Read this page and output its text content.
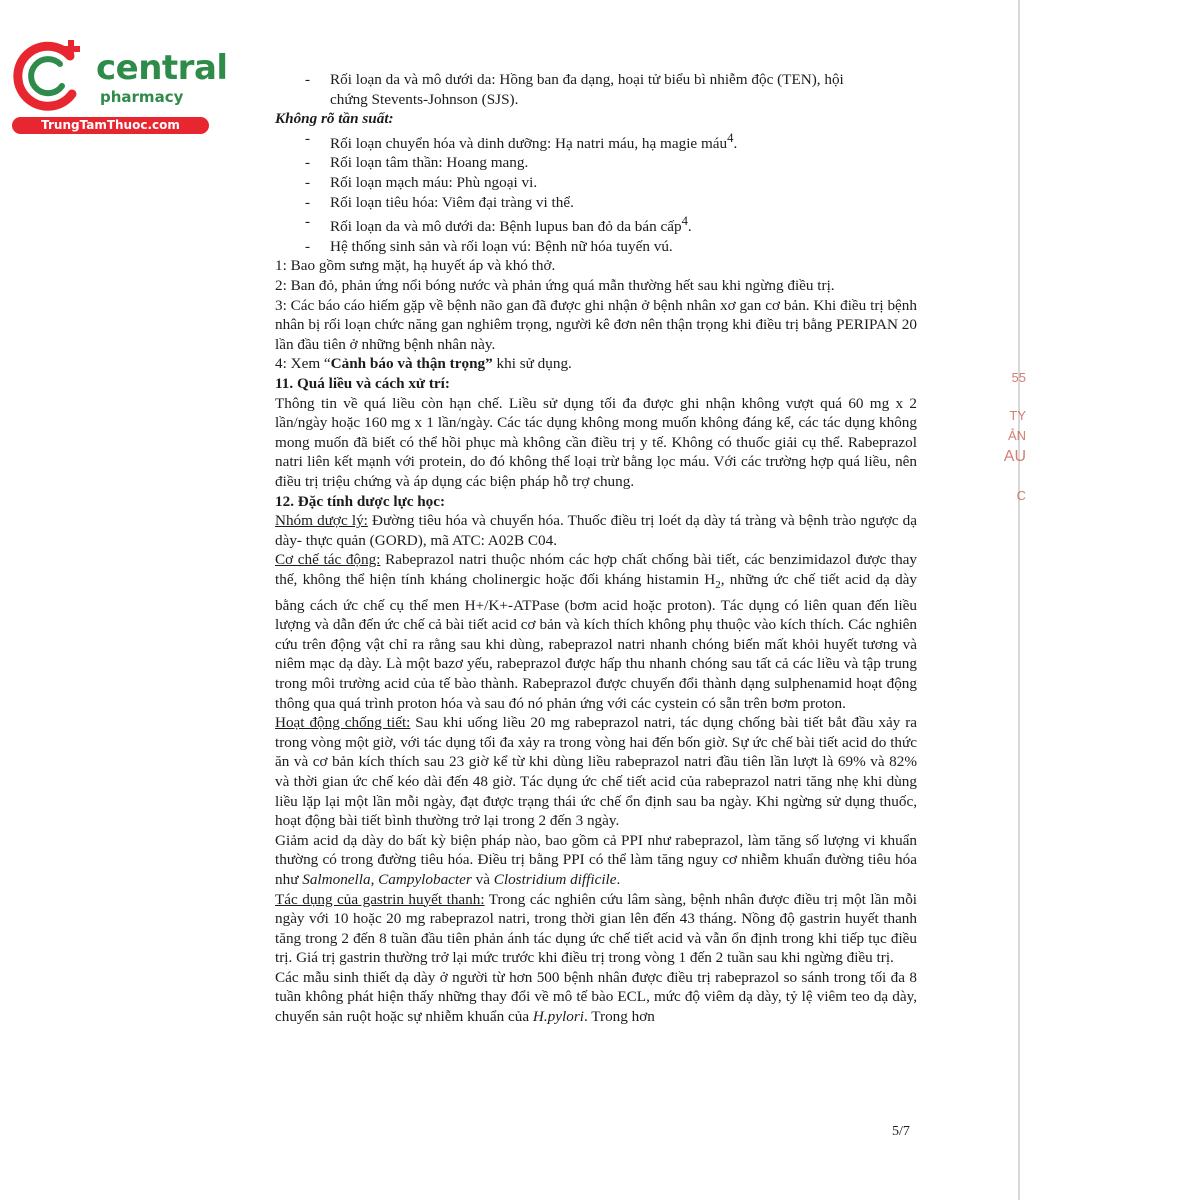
central
pharmacy
TrungTamThuoc.com
55
TY
ẢN
AU
C

- Rối loạn da và mô dưới da: Hồng ban đa dạng, hoại tử biểu bì nhiễm độc (TEN), hội
chứng Stevents-Johnson (SJS).

Không rõ tần suất:

- Rối loạn chuyển hóa và dinh dưỡng: Hạ natri máu, hạ magie máu$^4$.

- Rối loạn tâm thần: Hoang mang.

- Rối loạn mạch máu: Phù ngoại vi.

- Rối loạn tiêu hóa: Viêm đại tràng vi thể.

- Rối loạn da và mô dưới da: Bệnh lupus ban đỏ da bán cấp$^4$.

- Hệ thống sinh sản và rối loạn vú: Bệnh nữ hóa tuyến vú.

1: Bao gồm sưng mặt, hạ huyết áp và khó thở.

2: Ban đỏ, phản ứng nổi bóng nước và phản ứng quá mẫn thường hết sau khi ngừng điều trị.

3: Các báo cáo hiếm gặp về bệnh não gan đã được ghi nhận ở bệnh nhân xơ gan cơ bản. Khi điều trị bệnh nhân bị rối loạn chức năng gan nghiêm trọng, người kê đơn nên thận trọng khi điều trị bằng PERIPAN 20 lần đầu tiên ở những bệnh nhân này.

4: Xem “Cảnh báo và thận trọng” khi sử dụng.

11. Quá liều và cách xử trí:

Thông tin về quá liều còn hạn chế. Liều sử dụng tối đa được ghi nhận không vượt quá 60 mg x 2 lần/ngày hoặc 160 mg x 1 lần/ngày. Các tác dụng không mong muốn không đáng kể, các tác dụng không mong muốn đã biết có thể hồi phục mà không cần điều trị y tế. Không có thuốc giải cụ thể. Rabeprazol natri liên kết mạnh với protein, do đó không thể loại trừ bằng lọc máu. Với các trường hợp quá liều, nên điều trị triệu chứng và áp dụng các biện pháp hỗ trợ chung.

12. Đặc tính dược lực học:

Nhóm dược lý: Đường tiêu hóa và chuyển hóa. Thuốc điều trị loét dạ dày tá tràng và bệnh trào ngược dạ dày- thực quản (GORD), mã ATC: A02B C04.

Cơ chế tác động: Rabeprazol natri thuộc nhóm các hợp chất chống bài tiết, các benzimidazol được thay thế, không thể hiện tính kháng cholinergic hoặc đối kháng histamin $H_2$, những ức chế tiết acid dạ dày bằng cách ức chế cụ thể men H+/K+-ATPase (bơm acid hoặc proton). Tác dụng có liên quan đến liều lượng và dẫn đến ức chế cả bài tiết acid cơ bản và kích thích không phụ thuộc vào kích thích. Các nghiên cứu trên động vật chỉ ra rằng sau khi dùng, rabeprazol natri nhanh chóng biến mất khỏi huyết tương và niêm mạc dạ dày. Là một bazơ yếu, rabeprazol được hấp thu nhanh chóng sau tất cả các liều và tập trung trong môi trường acid của tế bào thành. Rabeprazol được chuyển đổi thành dạng sulphenamid hoạt động thông qua quá trình proton hóa và sau đó nó phản ứng với các cystein có sẵn trên bơm proton.

Hoạt động chống tiết: Sau khi uống liều 20 mg rabeprazol natri, tác dụng chống bài tiết bắt đầu xảy ra trong vòng một giờ, với tác dụng tối đa xảy ra trong vòng hai đến bốn giờ. Sự ức chế bài tiết acid do thức ăn và cơ bản kích thích sau 23 giờ kể từ khi dùng liều rabeprazol natri đầu tiên lần lượt là 69% và 82% và thời gian ức chế kéo dài đến 48 giờ. Tác dụng ức chế tiết acid của rabeprazol natri tăng nhẹ khi dùng liều lặp lại một lần mỗi ngày, đạt được trạng thái ức chế ổn định sau ba ngày. Khi ngừng sử dụng thuốc, hoạt động bài tiết bình thường trở lại trong 2 đến 3 ngày.

Giảm acid dạ dày do bất kỳ biện pháp nào, bao gồm cả PPI như rabeprazol, làm tăng số lượng vi khuẩn thường có trong đường tiêu hóa. Điều trị bằng PPI có thể làm tăng nguy cơ nhiễm khuẩn đường tiêu hóa như Salmonella, Campylobacter và Clostridium difficile.

Tác dụng của gastrin huyết thanh: Trong các nghiên cứu lâm sàng, bệnh nhân được điều trị một lần mỗi ngày với 10 hoặc 20 mg rabeprazol natri, trong thời gian lên đến 43 tháng. Nồng độ gastrin huyết thanh tăng trong 2 đến 8 tuần đầu tiên phản ánh tác dụng ức chế tiết acid và vẫn ổn định trong khi tiếp tục điều trị. Giá trị gastrin thường trở lại mức trước khi điều trị trong vòng 1 đến 2 tuần sau khi ngừng điều trị.

Các mẫu sinh thiết dạ dày ở người từ hơn 500 bệnh nhân được điều trị rabeprazol so sánh trong tối đa 8 tuần không phát hiện thấy những thay đổi về mô tế bào ECL, mức độ viêm dạ dày, tỷ lệ viêm teo dạ dày, chuyển sản ruột hoặc sự nhiễm khuẩn của H.pylori. Trong hơn

5/7
